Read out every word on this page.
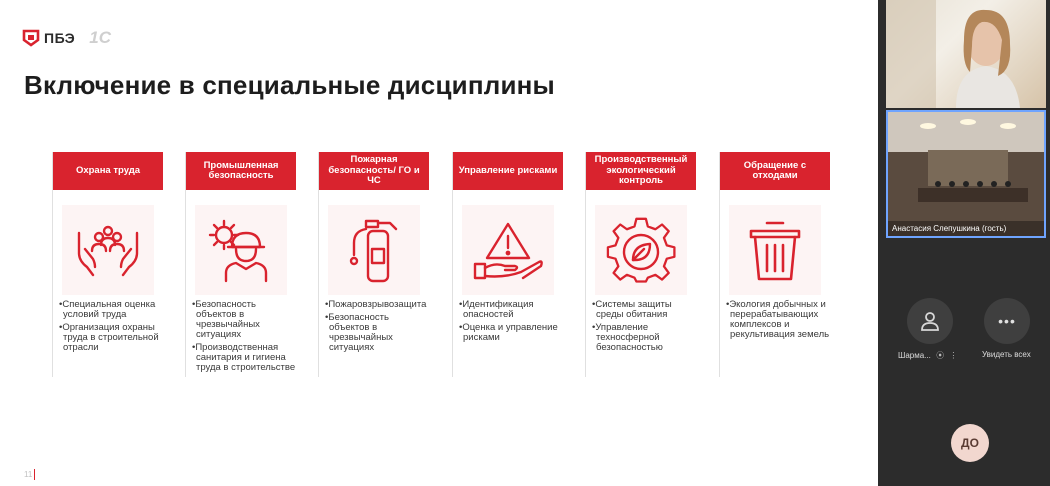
ПБЭ 1С
Включение в специальные дисциплины
Охрана труда
•Специальная оценка условий труда
•Организация охраны труда в строительной отрасли
Промышленная безопасность
•Безопасность объектов в чрезвычайных ситуациях
•Производственная санитария и гигиена труда в строительстве
Пожарная безопасность/ ГО и ЧС
•Пожаровзрывозащита
•Безопасность объектов в чрезвычайных ситуациях
Управление рисками
•Идентификация опасностей
•Оценка и управление рисками
Производственный экологический контроль
•Системы защиты среды обитания
•Управление техносферной безопасностью
Обращение с отходами
•Экология добычных и перерабатывающих комплексов и рекультивация земель
11
Анастасия Слепушкина (гость)
•••
Шарма... ⦿ ⋮	Увидеть всех
ДО
